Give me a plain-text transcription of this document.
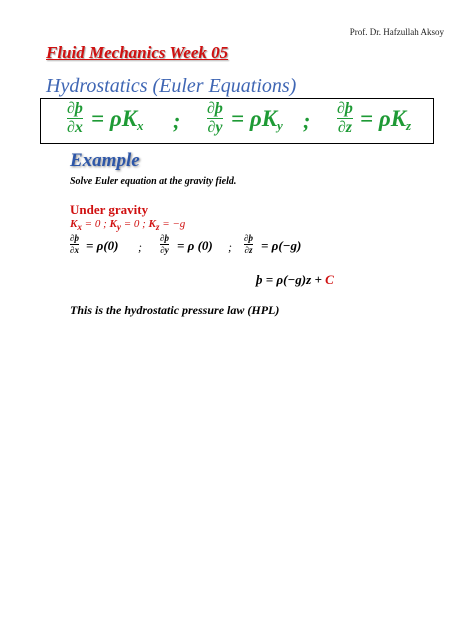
Prof. Dr. Hafzullah Aksoy
Fluid Mechanics Week 05
Hydrostatics (Euler Equations)
∂þ
∂x = ρKx ; ∂þ
∂y = ρKy ; ∂þ
∂z = ρKz
Example
Solve Euler equation at the gravity field.
Under gravity
$K_x = 0$ ; $K_y = 0$ ; $K_z = -g$
∂þ
∂x = ρ(0) ;
∂þ
∂y = ρ (0) ;
∂þ
∂z = ρ(−g)
þ = ρ(−g)z + C
This is the hydrostatic pressure law (HPL)
